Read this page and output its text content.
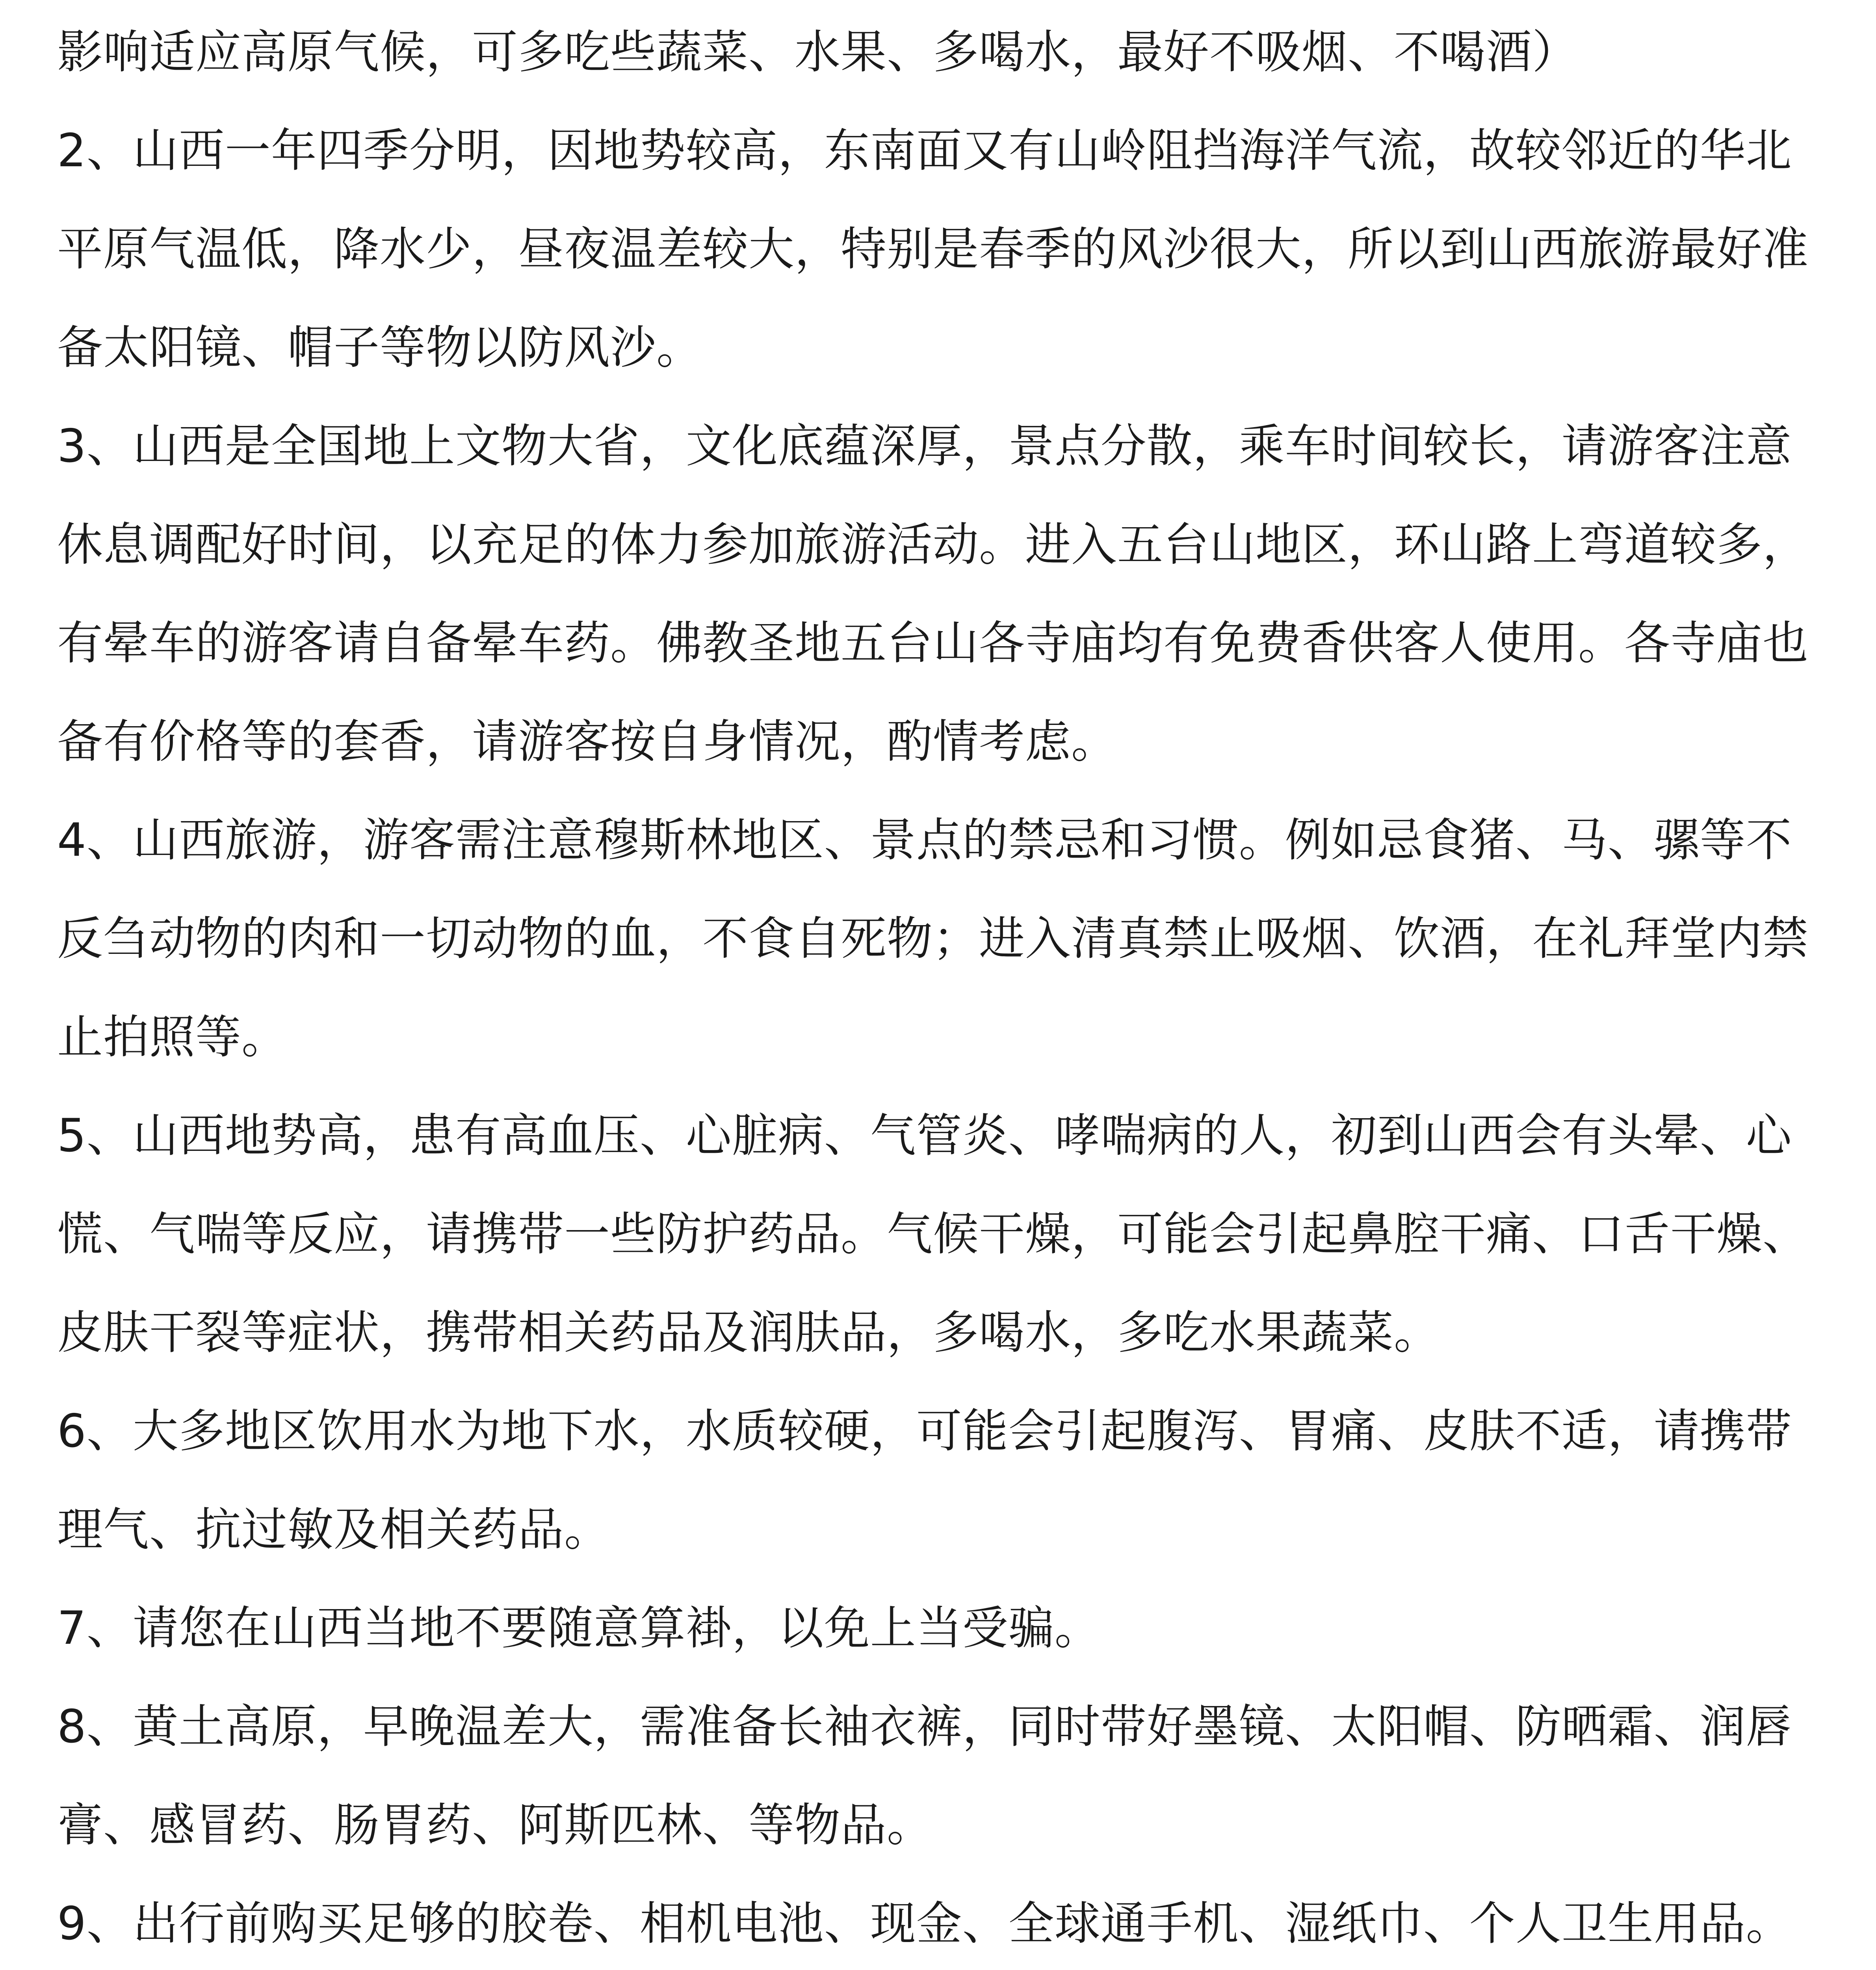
影响适应高原气候，可多吃些蔬菜、水果、多喝水，最好不吸烟、不喝酒）

2、山西一年四季分明，因地势较高，东南面又有山岭阻挡海洋气流，故较邻近的华北平原气温低，降水少，昼夜温差较大，特别是春季的风沙很大，所以到山西旅游最好准备太阳镜、帽子等物以防风沙。

3、山西是全国地上文物大省，文化底蕴深厚，景点分散，乘车时间较长，请游客注意休息调配好时间，以充足的体力参加旅游活动。进入五台山地区，环山路上弯道较多，有晕车的游客请自备晕车药。佛教圣地五台山各寺庙均有免费香供客人使用。各寺庙也备有价格等的套香，请游客按自身情况，酌情考虑。

4、山西旅游，游客需注意穆斯林地区、景点的禁忌和习惯。例如忌食猪、马、骡等不反刍动物的肉和一切动物的血，不食自死物；进入清真禁止吸烟、饮酒，在礼拜堂内禁止拍照等。

5、山西地势高，患有高血压、心脏病、气管炎、哮喘病的人，初到山西会有头晕、心慌、气喘等反应，请携带一些防护药品。气候干燥，可能会引起鼻腔干痛、口舌干燥、皮肤干裂等症状，携带相关药品及润肤品，多喝水，多吃水果蔬菜。

6、大多地区饮用水为地下水，水质较硬，可能会引起腹泻、胃痛、皮肤不适，请携带理气、抗过敏及相关药品。

7、请您在山西当地不要随意算褂，以免上当受骗。

8、黄土高原，早晚温差大，需准备长袖衣裤，同时带好墨镜、太阳帽、防晒霜、润唇膏、感冒药、肠胃药、阿斯匹林、等物品。

9、出行前购买足够的胶卷、相机电池、现金、全球通手机、湿纸巾、个人卫生用品。
